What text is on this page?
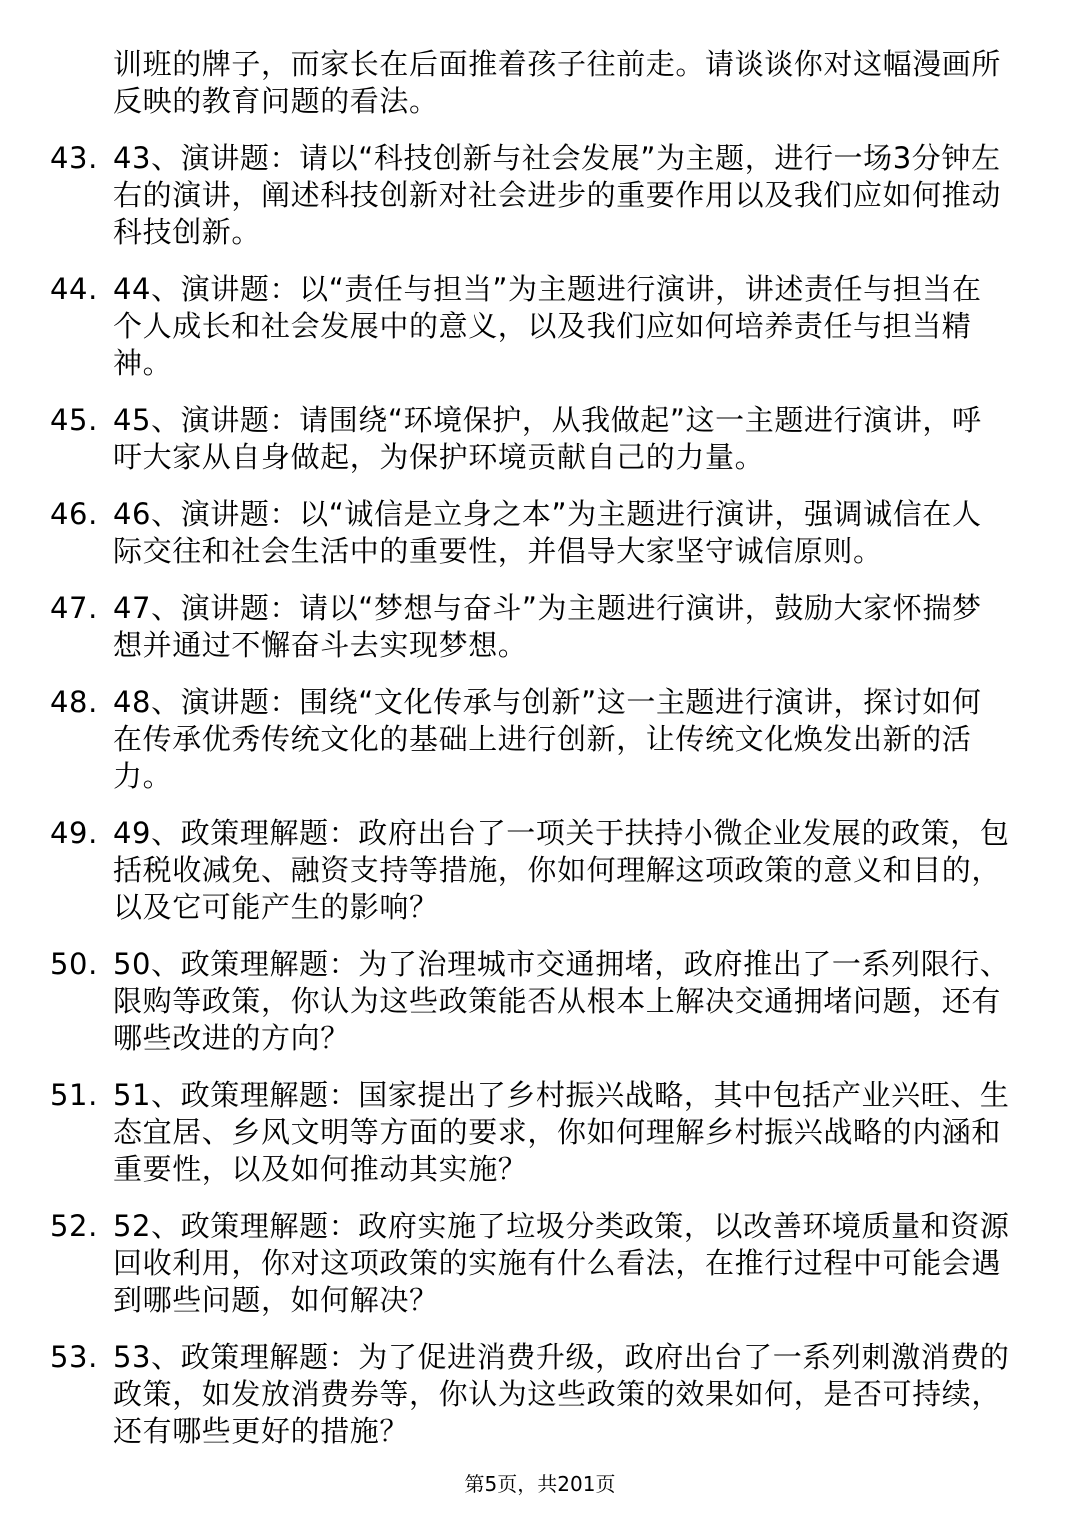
训班的牌子，而家长在后面推着孩子往前走。请谈谈你对这幅漫画所反映的教育问题的看法。
43. 43、演讲题：请以“科技创新与社会发展”为主题，进行一场3分钟左右的演讲，阐述科技创新对社会进步的重要作用以及我们应如何推动科技创新。
44. 44、演讲题：以“责任与担当”为主题进行演讲，讲述责任与担当在个人成长和社会发展中的意义，以及我们应如何培养责任与担当精神。
45. 45、演讲题：请围绕“环境保护，从我做起”这一主题进行演讲，呼吁大家从自身做起，为保护环境贡献自己的力量。
46. 46、演讲题：以“诚信是立身之本”为主题进行演讲，强调诚信在人际交往和社会生活中的重要性，并倡导大家坚守诚信原则。
47. 47、演讲题：请以“梦想与奋斗”为主题进行演讲，鼓励大家怀揣梦想并通过不懈奋斗去实现梦想。
48. 48、演讲题：围绕“文化传承与创新”这一主题进行演讲，探讨如何在传承优秀传统文化的基础上进行创新，让传统文化焕发出新的活力。
49. 49、政策理解题：政府出台了一项关于扶持小微企业发展的政策，包括税收减免、融资支持等措施，你如何理解这项政策的意义和目的，以及它可能产生的影响？
50. 50、政策理解题：为了治理城市交通拥堵，政府推出了一系列限行、限购等政策，你认为这些政策能否从根本上解决交通拥堵问题，还有哪些改进的方向？
51. 51、政策理解题：国家提出了乡村振兴战略，其中包括产业兴旺、生态宜居、乡风文明等方面的要求，你如何理解乡村振兴战略的内涵和重要性，以及如何推动其实施？
52. 52、政策理解题：政府实施了垃圾分类政策，以改善环境质量和资源回收利用，你对这项政策的实施有什么看法，在推行过程中可能会遇到哪些问题，如何解决？
53. 53、政策理解题：为了促进消费升级，政府出台了一系列刺激消费的政策，如发放消费券等，你认为这些政策的效果如何，是否可持续，还有哪些更好的措施？
第5页，共201页
